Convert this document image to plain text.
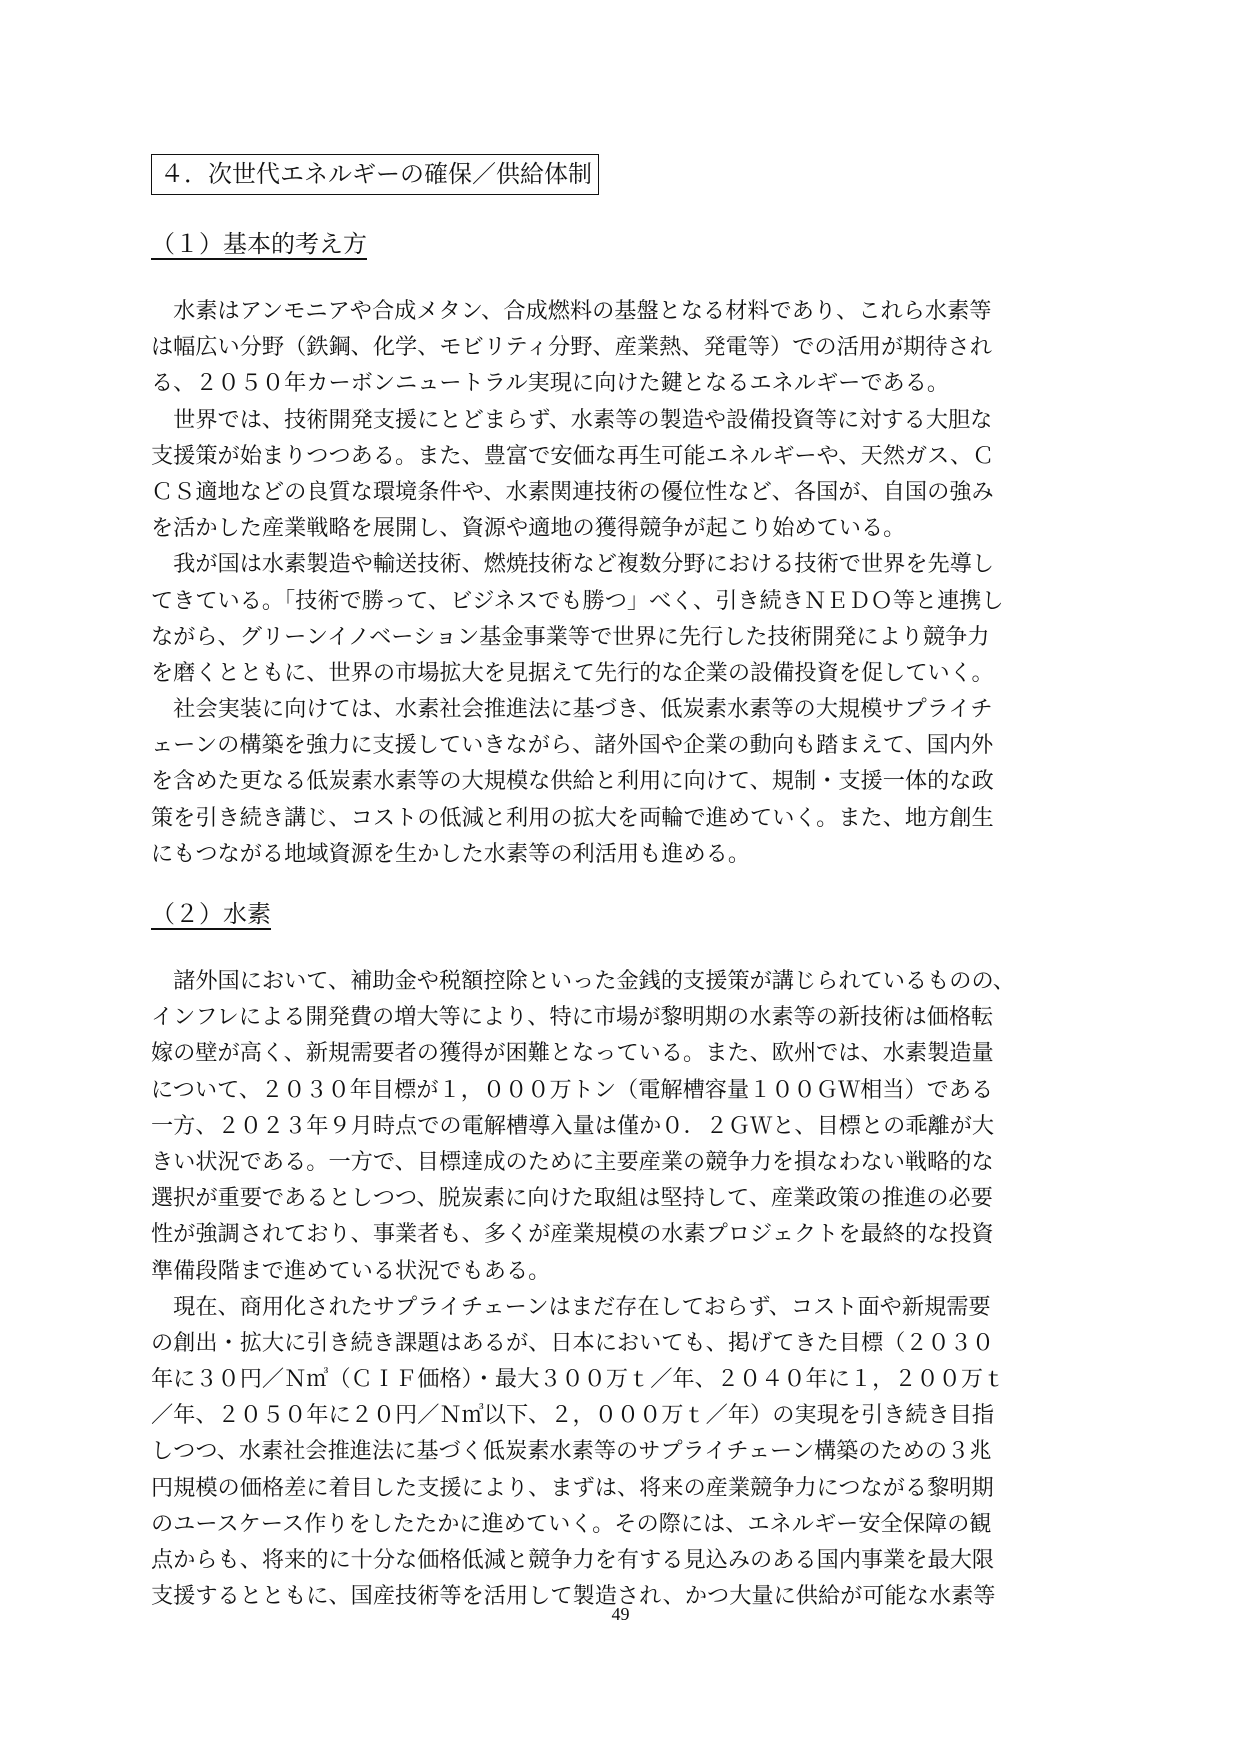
４．次世代エネルギーの確保／供給体制
（１）基本的考え方
　水素はアンモニアや合成メタン、合成燃料の基盤となる材料であり、これら水素等
は幅広い分野（鉄鋼、化学、モビリティ分野、産業熱、発電等）での活用が期待され
る、２０５０年カーボンニュートラル実現に向けた鍵となるエネルギーである。
　世界では、技術開発支援にとどまらず、水素等の製造や設備投資等に対する大胆な
支援策が始まりつつある。また、豊富で安価な再生可能エネルギーや、天然ガス、Ｃ
ＣＳ適地などの良質な環境条件や、水素関連技術の優位性など、各国が、自国の強み
を活かした産業戦略を展開し、資源や適地の獲得競争が起こり始めている。
　我が国は水素製造や輸送技術、燃焼技術など複数分野における技術で世界を先導し
てきている。「技術で勝って、ビジネスでも勝つ」べく、引き続きＮＥＤＯ等と連携し
ながら、グリーンイノベーション基金事業等で世界に先行した技術開発により競争力
を磨くとともに、世界の市場拡大を見据えて先行的な企業の設備投資を促していく。
　社会実装に向けては、水素社会推進法に基づき、低炭素水素等の大規模サプライチ
ェーンの構築を強力に支援していきながら、諸外国や企業の動向も踏まえて、国内外
を含めた更なる低炭素水素等の大規模な供給と利用に向けて、規制・支援一体的な政
策を引き続き講じ、コストの低減と利用の拡大を両輪で進めていく。また、地方創生
にもつながる地域資源を生かした水素等の利活用も進める。
（２）水素
　諸外国において、補助金や税額控除といった金銭的支援策が講じられているものの、
インフレによる開発費の増大等により、特に市場が黎明期の水素等の新技術は価格転
嫁の壁が高く、新規需要者の獲得が困難となっている。また、欧州では、水素製造量
について、２０３０年目標が１，０００万トン（電解槽容量１００ＧＷ相当）である
一方、２０２３年９月時点での電解槽導入量は僅か０．２ＧＷと、目標との乖離が大
きい状況である。一方で、目標達成のために主要産業の競争力を損なわない戦略的な
選択が重要であるとしつつ、脱炭素に向けた取組は堅持して、産業政策の推進の必要
性が強調されており、事業者も、多くが産業規模の水素プロジェクトを最終的な投資
準備段階まで進めている状況でもある。
　現在、商用化されたサプライチェーンはまだ存在しておらず、コスト面や新規需要
の創出・拡大に引き続き課題はあるが、日本においても、掲げてきた目標（２０３０
年に３０円／Ｎ㎥（ＣＩＦ価格）・最大３００万ｔ／年、２０４０年に１，２００万ｔ
／年、２０５０年に２０円／Ｎ㎥以下、２，０００万ｔ／年）の実現を引き続き目指
しつつ、水素社会推進法に基づく低炭素水素等のサプライチェーン構築のための３兆
円規模の価格差に着目した支援により、まずは、将来の産業競争力につながる黎明期
のユースケース作りをしたたかに進めていく。その際には、エネルギー安全保障の観
点からも、将来的に十分な価格低減と競争力を有する見込みのある国内事業を最大限
支援するとともに、国産技術等を活用して製造され、かつ大量に供給が可能な水素等
49
